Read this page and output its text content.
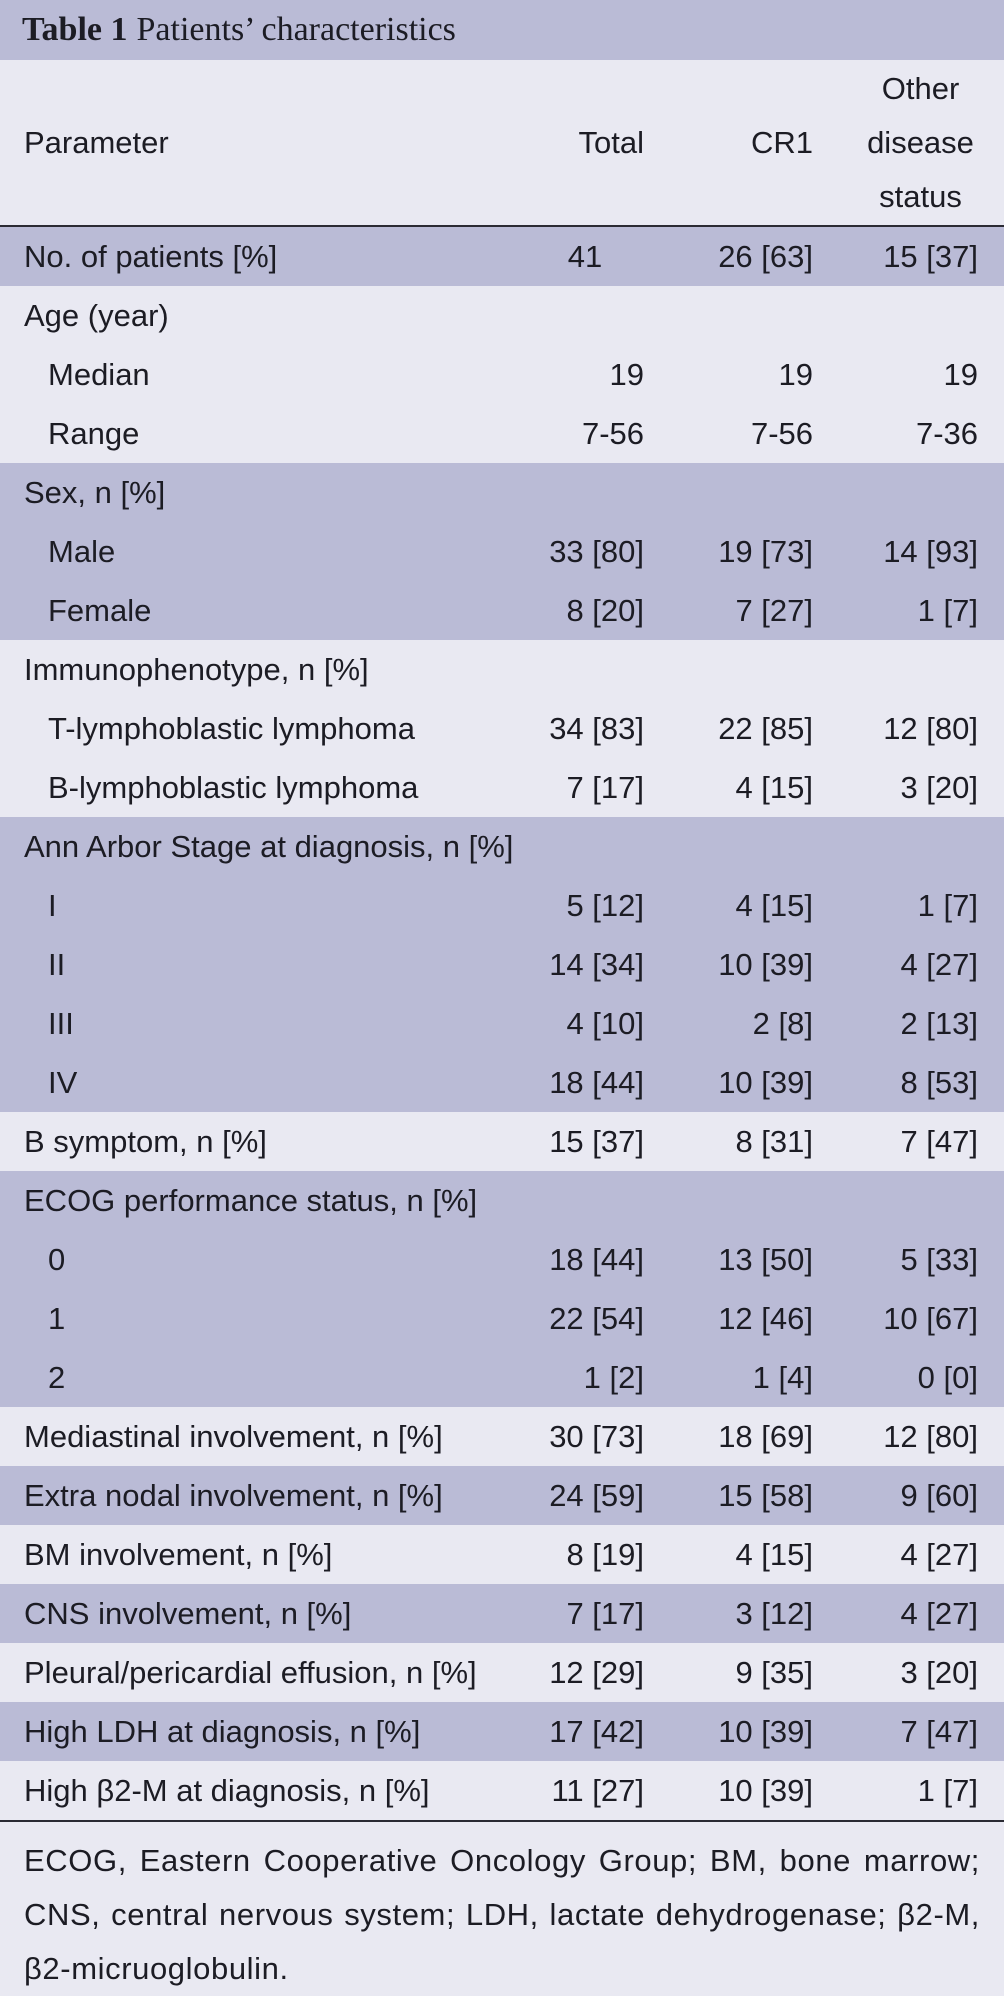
Table 1 Patients’ characteristics
Parameter	Total	CR1	Other
disease
status

No. of patients [%]	41	26 [63]	15 [37]
Age (year)			
Median	19	19	19
Range	7-56	7-56	7-36
Sex, n [%]			
Male	33 [80]	19 [73]	14 [93]
Female	8 [20]	7 [27]	1 [7]
Immunophenotype, n [%]			
T-lymphoblastic lymphoma	34 [83]	22 [85]	12 [80]
B-lymphoblastic lymphoma	7 [17]	4 [15]	3 [20]
Ann Arbor Stage at diagnosis, n [%]			
I	5 [12]	4 [15]	1 [7]
II	14 [34]	10 [39]	4 [27]
III	4 [10]	2 [8]	2 [13]
IV	18 [44]	10 [39]	8 [53]
B symptom, n [%]	15 [37]	8 [31]	7 [47]
ECOG performance status, n [%]			
0	18 [44]	13 [50]	5 [33]
1	22 [54]	12 [46]	10 [67]
2	1 [2]	1 [4]	0 [0]
Mediastinal involvement, n [%]	30 [73]	18 [69]	12 [80]
Extra nodal involvement, n [%]	24 [59]	15 [58]	9 [60]
BM involvement, n [%]	8 [19]	4 [15]	4 [27]
CNS involvement, n [%]	7 [17]	3 [12]	4 [27]
Pleural/pericardial effusion, n [%]	12 [29]	9 [35]	3 [20]
High LDH at diagnosis, n [%]	17 [42]	10 [39]	7 [47]
High β2-M at diagnosis, n [%]	11 [27]	10 [39]	1 [7]
ECOG, Eastern Cooperative Oncology Group; BM, bone marrow; CNS, central nervous system; LDH, lactate dehydrogenase; β2-M, β2-micruoglobulin.
